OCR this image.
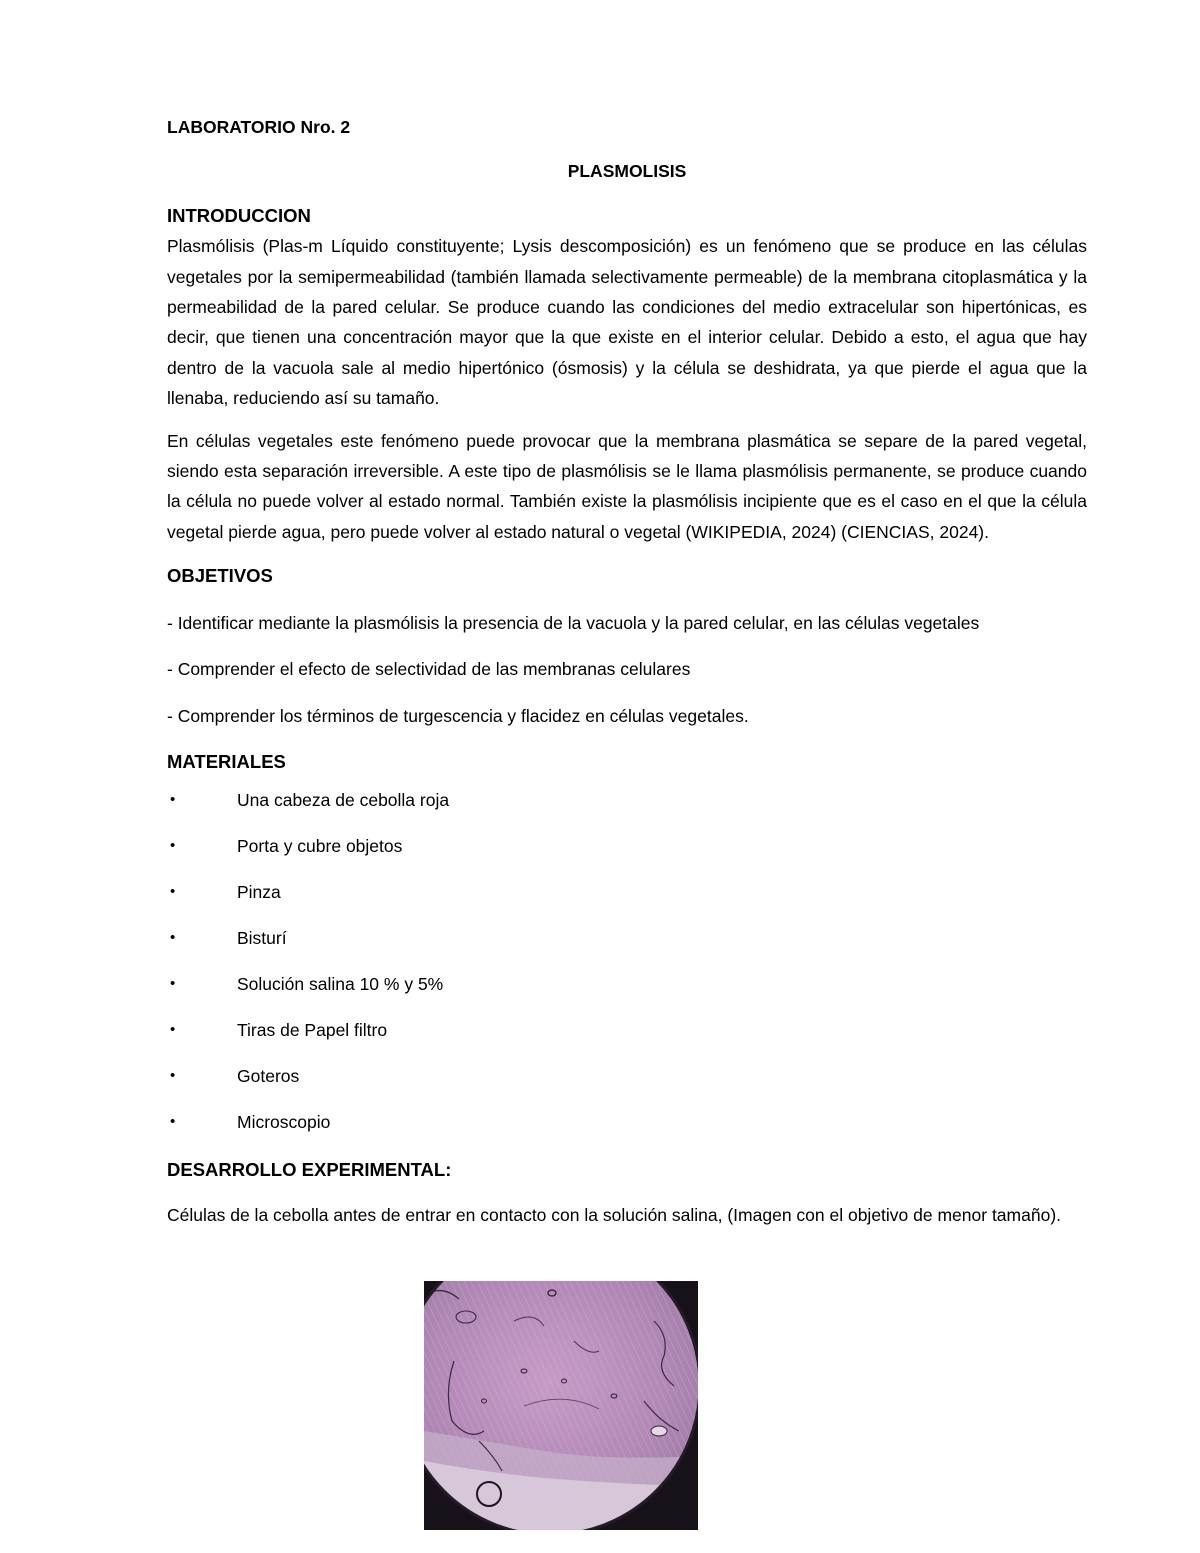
LABORATORIO Nro. 2

PLASMOLISIS

INTRODUCCION

Plasmólisis (Plas-m Líquido constituyente; Lysis descomposición) es un fenómeno que se produce en las células vegetales por la semipermeabilidad (también llamada selectivamente permeable) de la membrana citoplasmática y la permeabilidad de la pared celular. Se produce cuando las condiciones del medio extracelular son hipertónicas, es decir, que tienen una concentración mayor que la que existe en el interior celular. Debido a esto, el agua que hay dentro de la vacuola sale al medio hipertónico (ósmosis) y la célula se deshidrata, ya que pierde el agua que la llenaba, reduciendo así su tamaño.

En células vegetales este fenómeno puede provocar que la membrana plasmática se separe de la pared vegetal, siendo esta separación irreversible. A este tipo de plasmólisis se le llama plasmólisis permanente, se produce cuando la célula no puede volver al estado normal. También existe la plasmólisis incipiente que es el caso en el que la célula vegetal pierde agua, pero puede volver al estado natural o vegetal (WIKIPEDIA, 2024) (CIENCIAS, 2024).

OBJETIVOS

- Identificar mediante la plasmólisis la presencia de la vacuola y la pared celular, en las células vegetales

- Comprender el efecto de selectividad de las membranas celulares

- Comprender los términos de turgescencia y flacidez en células vegetales.

MATERIALES

•	Una cabeza de cebolla roja
•	Porta y cubre objetos
•	Pinza
•	Bisturí
•	Solución salina 10 % y 5%
•	Tiras de Papel filtro
•	Goteros
•	Microscopio

DESARROLLO EXPERIMENTAL:

Células de la cebolla antes de entrar en contacto con la solución salina, (Imagen con el objetivo de menor tamaño).
